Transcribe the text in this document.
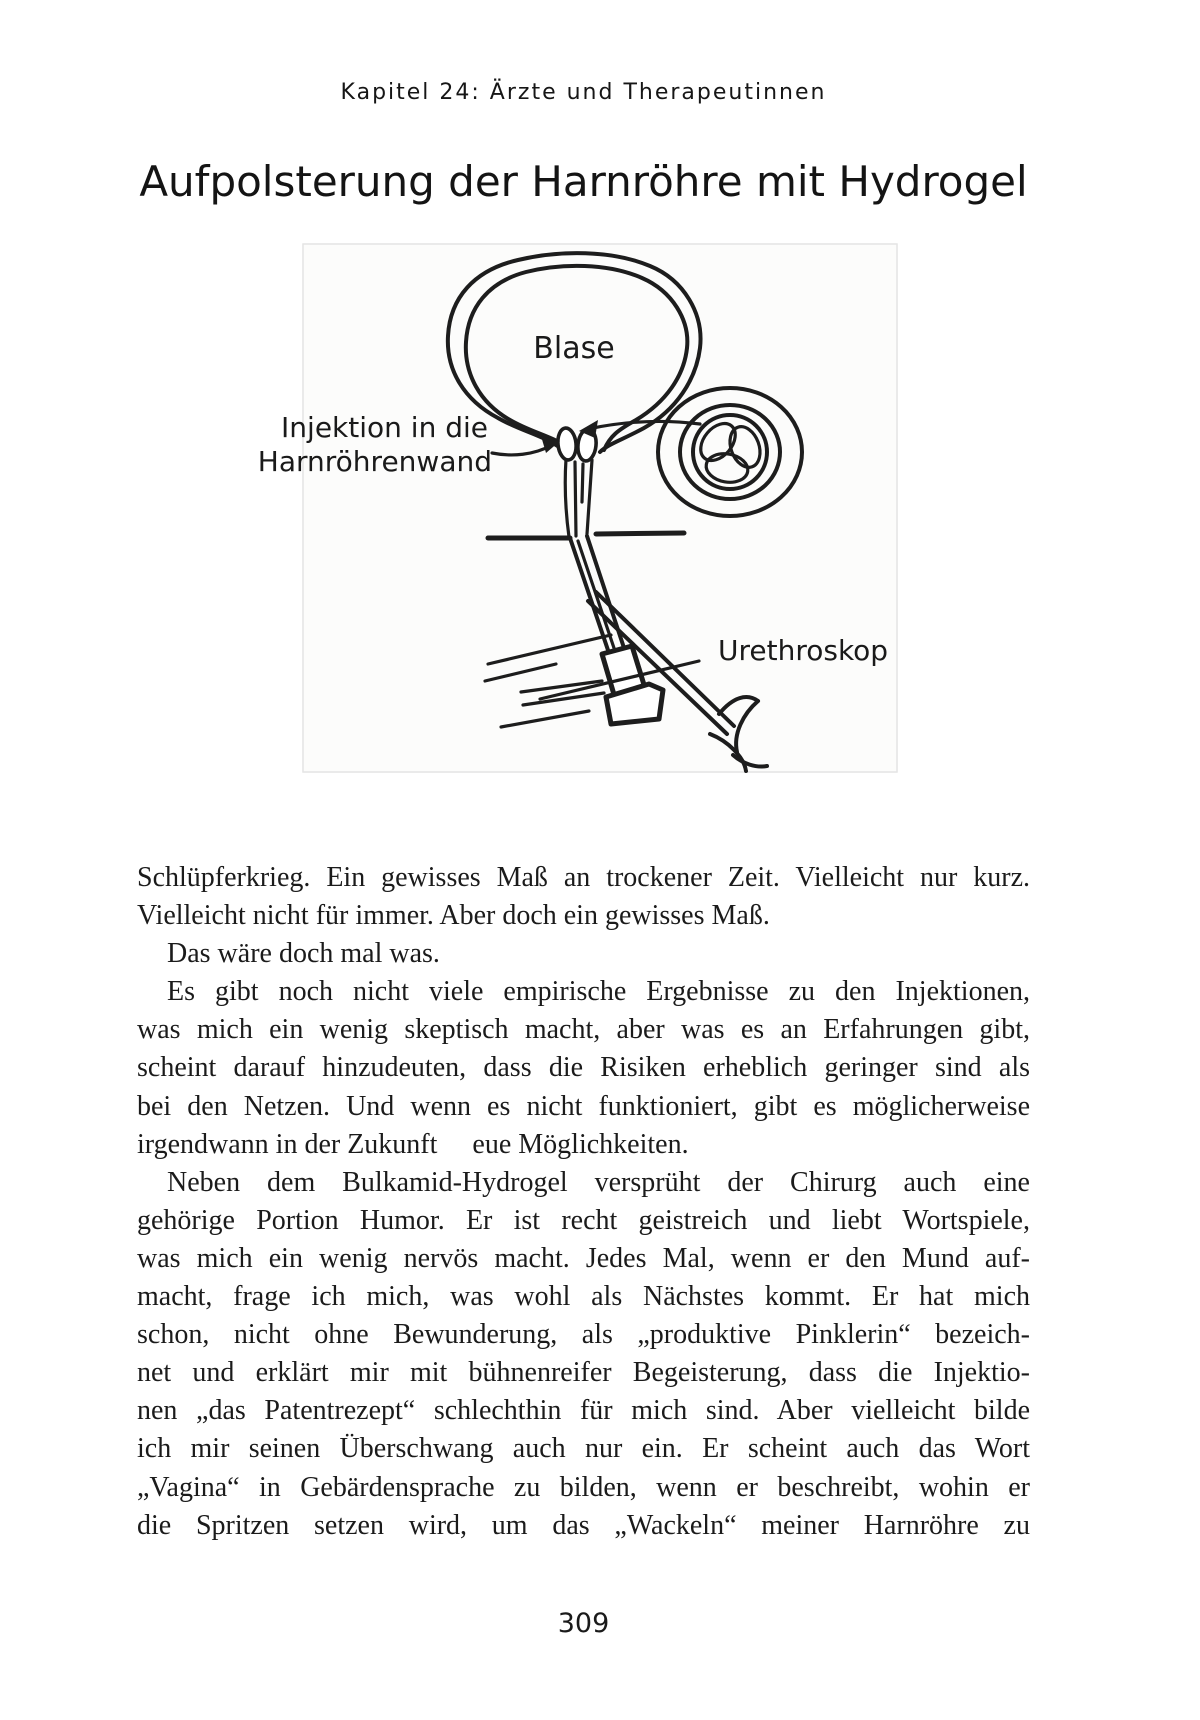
Kapitel 24: Ärzte und Therapeutinnen
Aufpolsterung der Harnröhre mit Hydrogel
Blase
Injektion in die
Harnröhrenwand
Urethroskop
Schlüpferkrieg. Ein gewisses Maß an trockener Zeit. Vielleicht nur kurz.
Vielleicht nicht für immer. Aber doch ein gewisses Maß.
Das wäre doch mal was.
Es gibt noch nicht viele empirische Ergebnisse zu den Injektionen,
was mich ein wenig skeptisch macht, aber was es an Erfahrungen gibt,
scheint darauf hinzudeuten, dass die Risiken erheblich geringer sind als
bei den Netzen. Und wenn es nicht funktioniert, gibt es möglicherweise
irgendwann in der Zukunft  eue Möglichkeiten.
Neben dem Bulkamid-Hydrogel versprüht der Chirurg auch eine
gehörige Portion Humor. Er ist recht geistreich und liebt Wortspiele,
was mich ein wenig nervös macht. Jedes Mal, wenn er den Mund auf-
macht, frage ich mich, was wohl als Nächstes kommt. Er hat mich
schon, nicht ohne Bewunderung, als „produktive Pinklerin“ bezeich-
net und erklärt mir mit bühnenreifer Begeisterung, dass die Injektio-
nen „das Patentrezept“ schlechthin für mich sind. Aber vielleicht bilde
ich mir seinen Überschwang auch nur ein. Er scheint auch das Wort
„Vagina“ in Gebärdensprache zu bilden, wenn er beschreibt, wohin er
die Spritzen setzen wird, um das „Wackeln“ meiner Harnröhre zu
309
